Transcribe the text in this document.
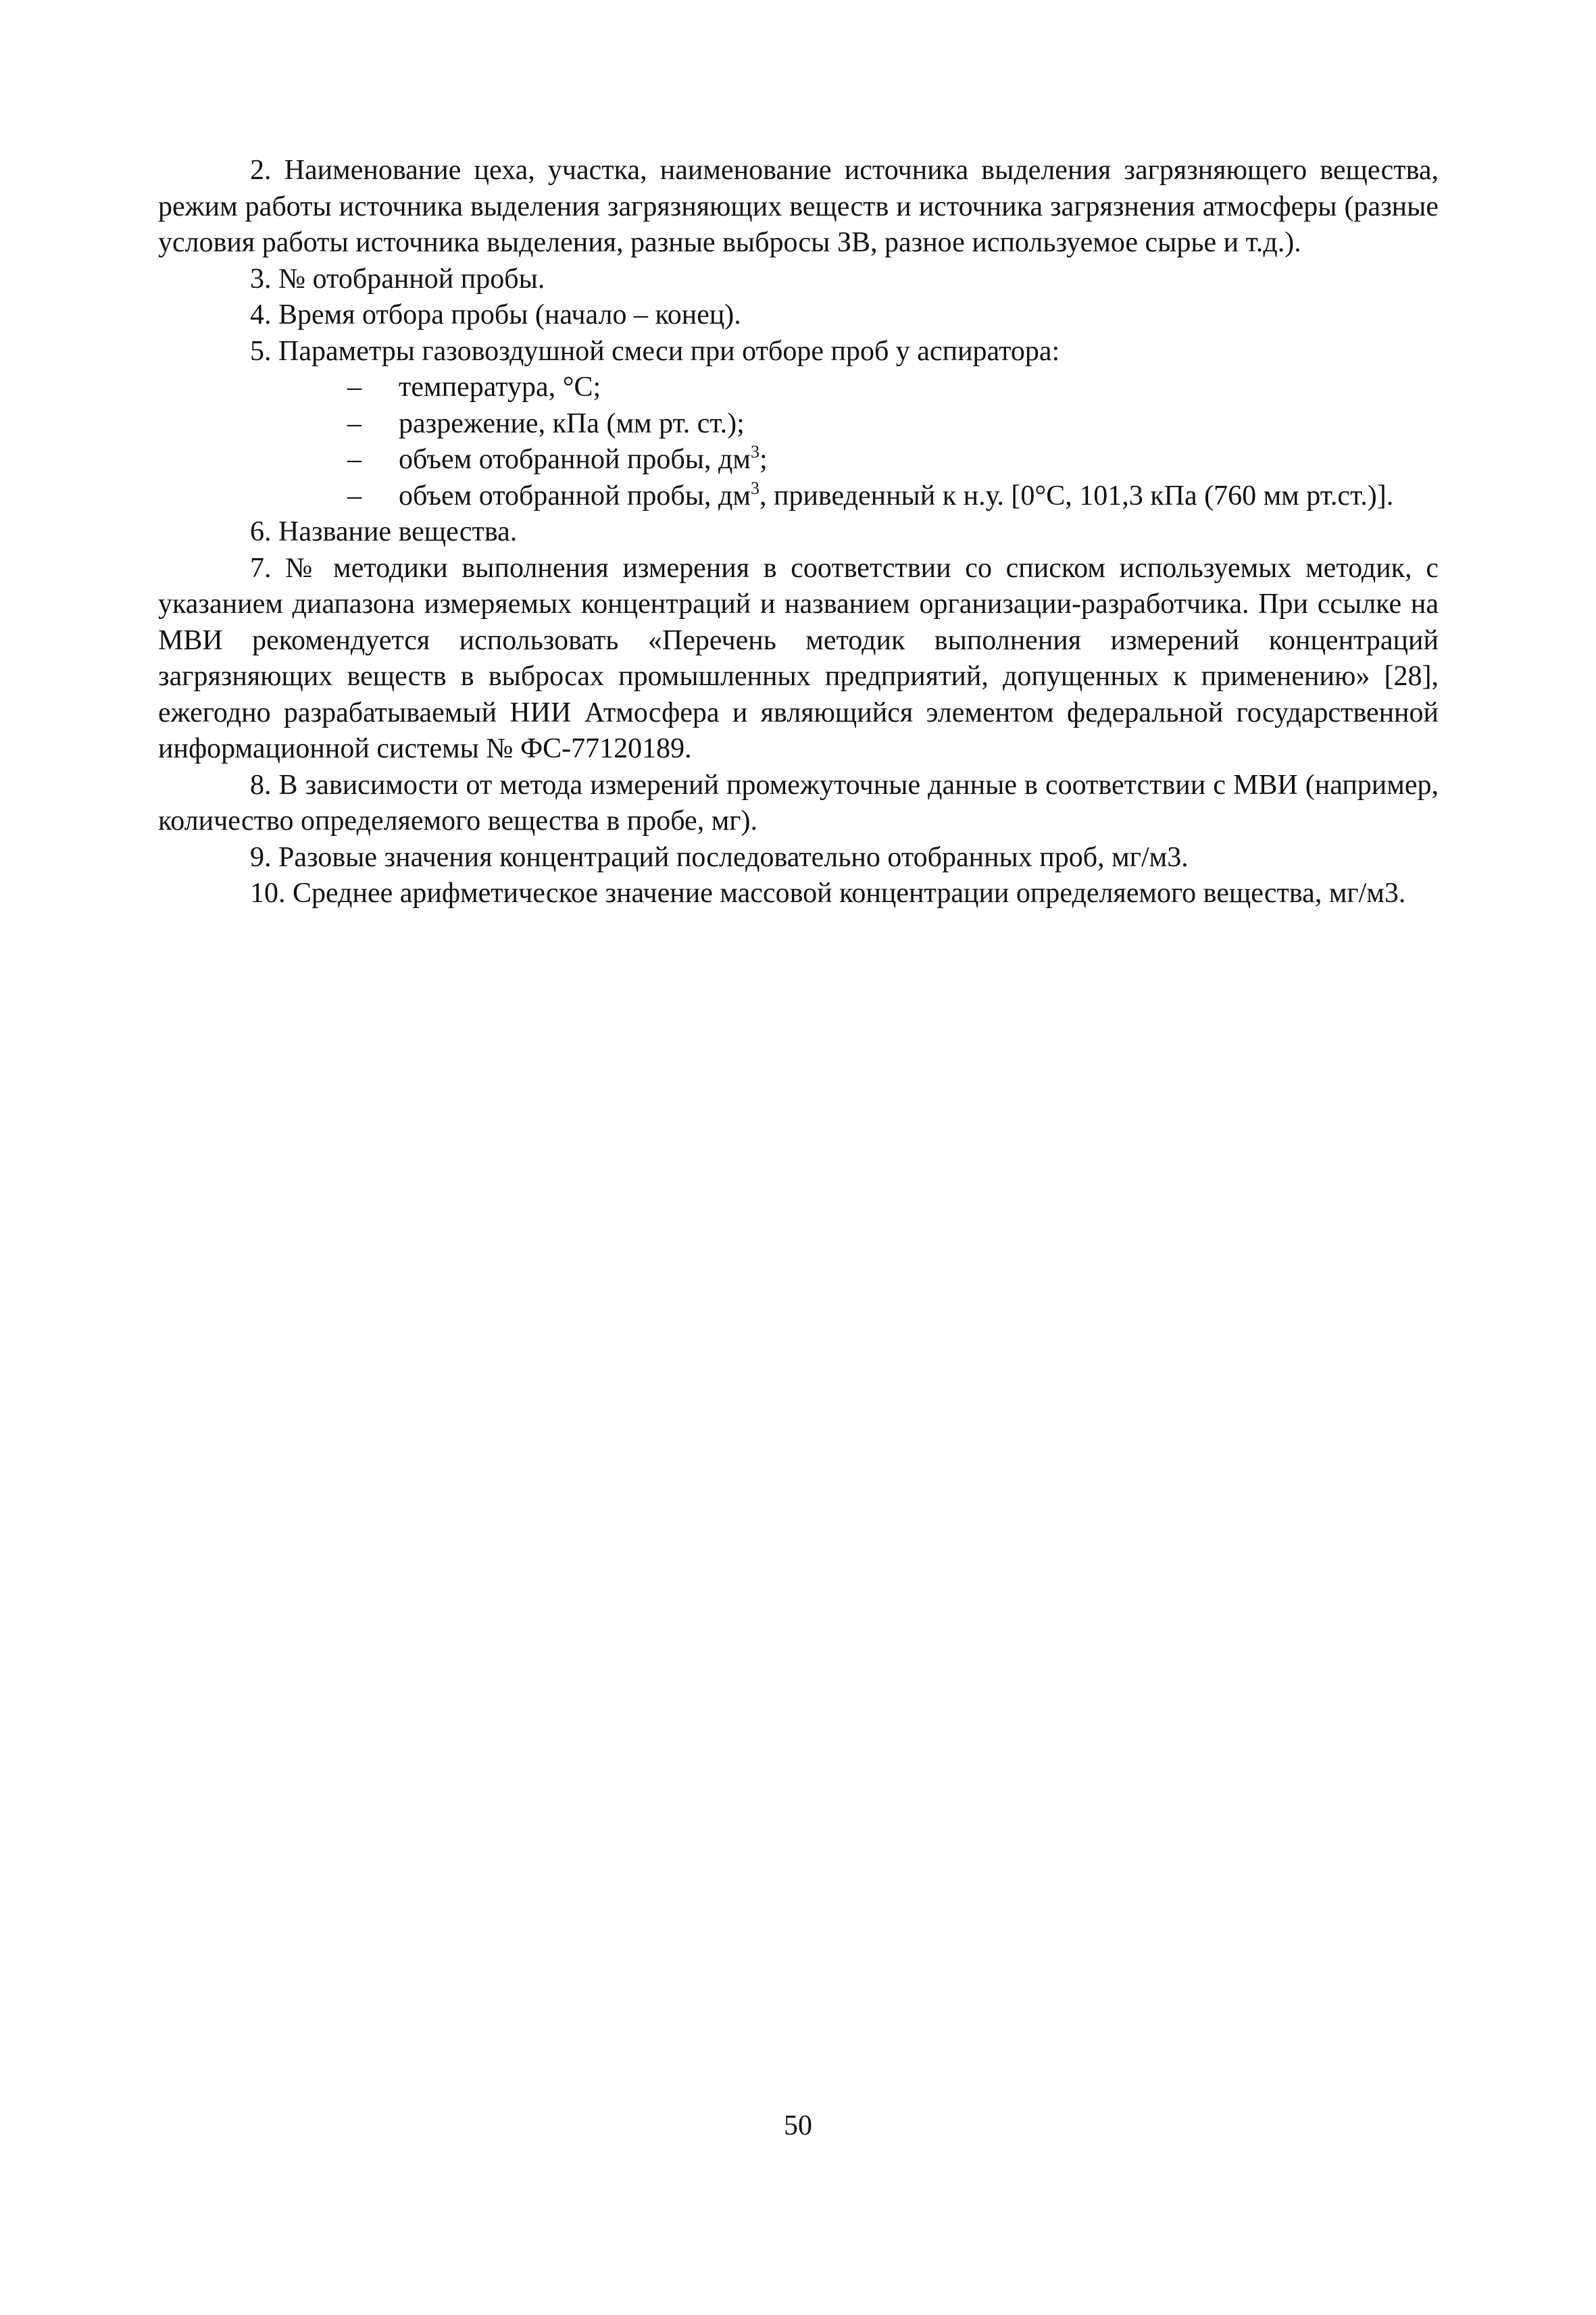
2. Наименование цеха, участка, наименование источника выделения загрязняющего вещества, режим работы источника выделения загрязняющих веществ и источника загрязнения атмосферы (разные условия работы источника выделения, разные выбросы ЗВ, разное используемое сырье и т.д.).

3. № отобранной пробы.

4. Время отбора пробы (начало – конец).

5. Параметры газовоздушной смеси при отборе проб у аспиратора:

– температура, °С;
– разрежение, кПа (мм рт. ст.);
– объем отобранной пробы, $дм^3$;
– объем отобранной пробы, $дм^3$, приведенный к н.у. [0°С, 101,3 кПа (760 мм рт.ст.)].

6. Название вещества.

7. № методики выполнения измерения в соответствии со списком используемых методик, с указанием диапазона измеряемых концентраций и названием организации-разработчика. При ссылке на МВИ рекомендуется использовать «Перечень методик выполнения измерений концентраций загрязняющих веществ в выбросах промышленных предприятий, допущенных к применению» [28], ежегодно разрабатываемый НИИ Атмосфера и являющийся элементом федеральной государственной информационной системы № ФС-77120189.

8. В зависимости от метода измерений промежуточные данные в соответствии с МВИ (например, количество определяемого вещества в пробе, мг).

9. Разовые значения концентраций последовательно отобранных проб, мг/м3.

10. Среднее арифметическое значение массовой концентрации определяемого вещества, мг/м3.

50
